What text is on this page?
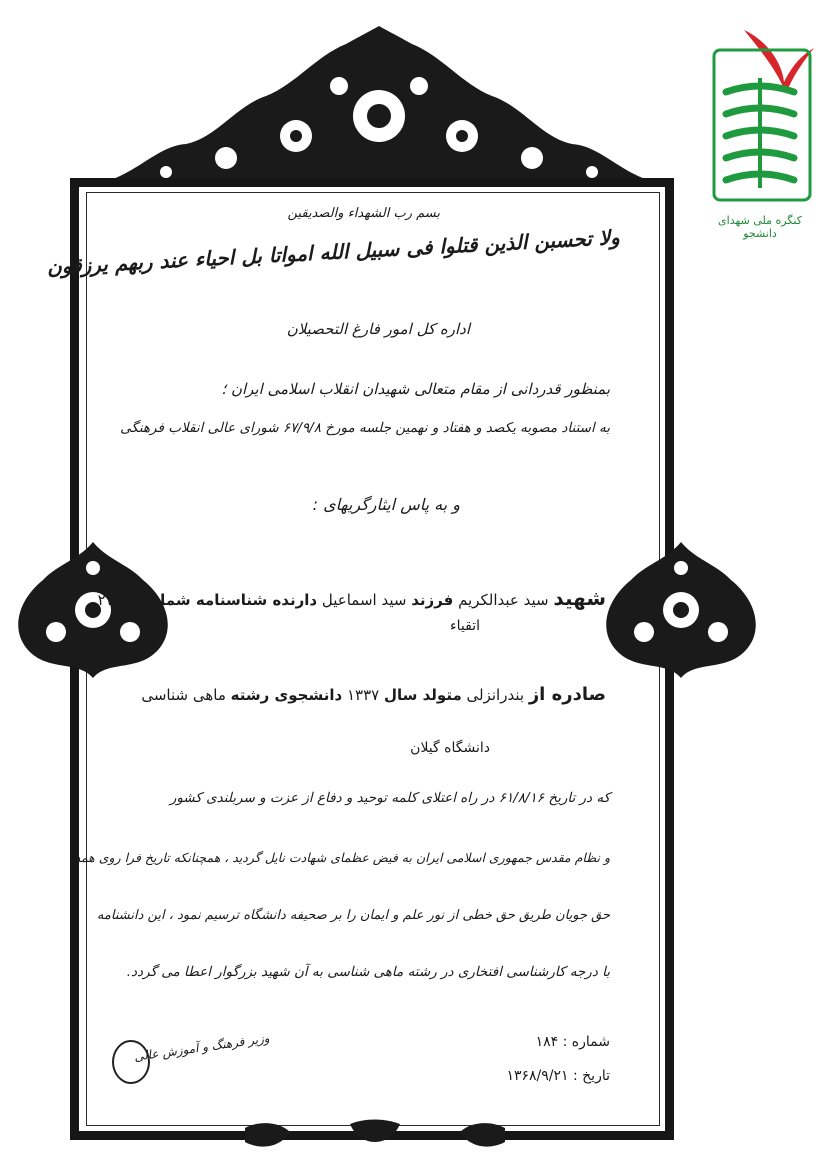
کنگره ملی شهدای دانشجو
بسم رب الشهداء والصدیقین
ولا تحسبن الذین قتلوا فی سبیل الله امواتا بل احیاء عند ربهم یرزقون
اداره کل امور فارغ التحصیلان
بمنظور قدردانی از مقام متعالی شهیدان انقلاب اسلامی ایران ؛
به استناد مصوبه یکصد و هفتاد و نهمین جلسه مورخ ۶۷/۹/۸ شورای عالی انقلاب فرهنگی
و به پاس ایثارگریهای :
شهید سید عبدالکریم فرزند سید اسماعیل دارنده شناسنامه شماره ۲۷۸۹۲
اتقیاء
صادره از بندرانزلی متولد سال ۱۳۳۷ دانشجوی رشته ماهی شناسی
دانشگاه گیلان
که در تاریخ ۶۱/۸/۱۶ در راه اعتلای کلمه توحید و دفاع از عزت و سربلندی کشور
و نظام مقدس جمهوری اسلامی ایران به فیض عظمای شهادت نایل گردید ، همچنانکه تاریخ فرا روی همه
حق جویان طریق حق خطی از نور علم و ایمان را بر صحیفه دانشگاه ترسیم نمود ، این دانشنامه
با درجه کارشناسی افتخاری در رشته ماهی شناسی به آن شهید بزرگوار اعطا می گردد.
وزیر فرهنگ و آموزش عالی	شماره : ۱۸۴
تاریخ : ۱۳۶۸/۹/۲۱
